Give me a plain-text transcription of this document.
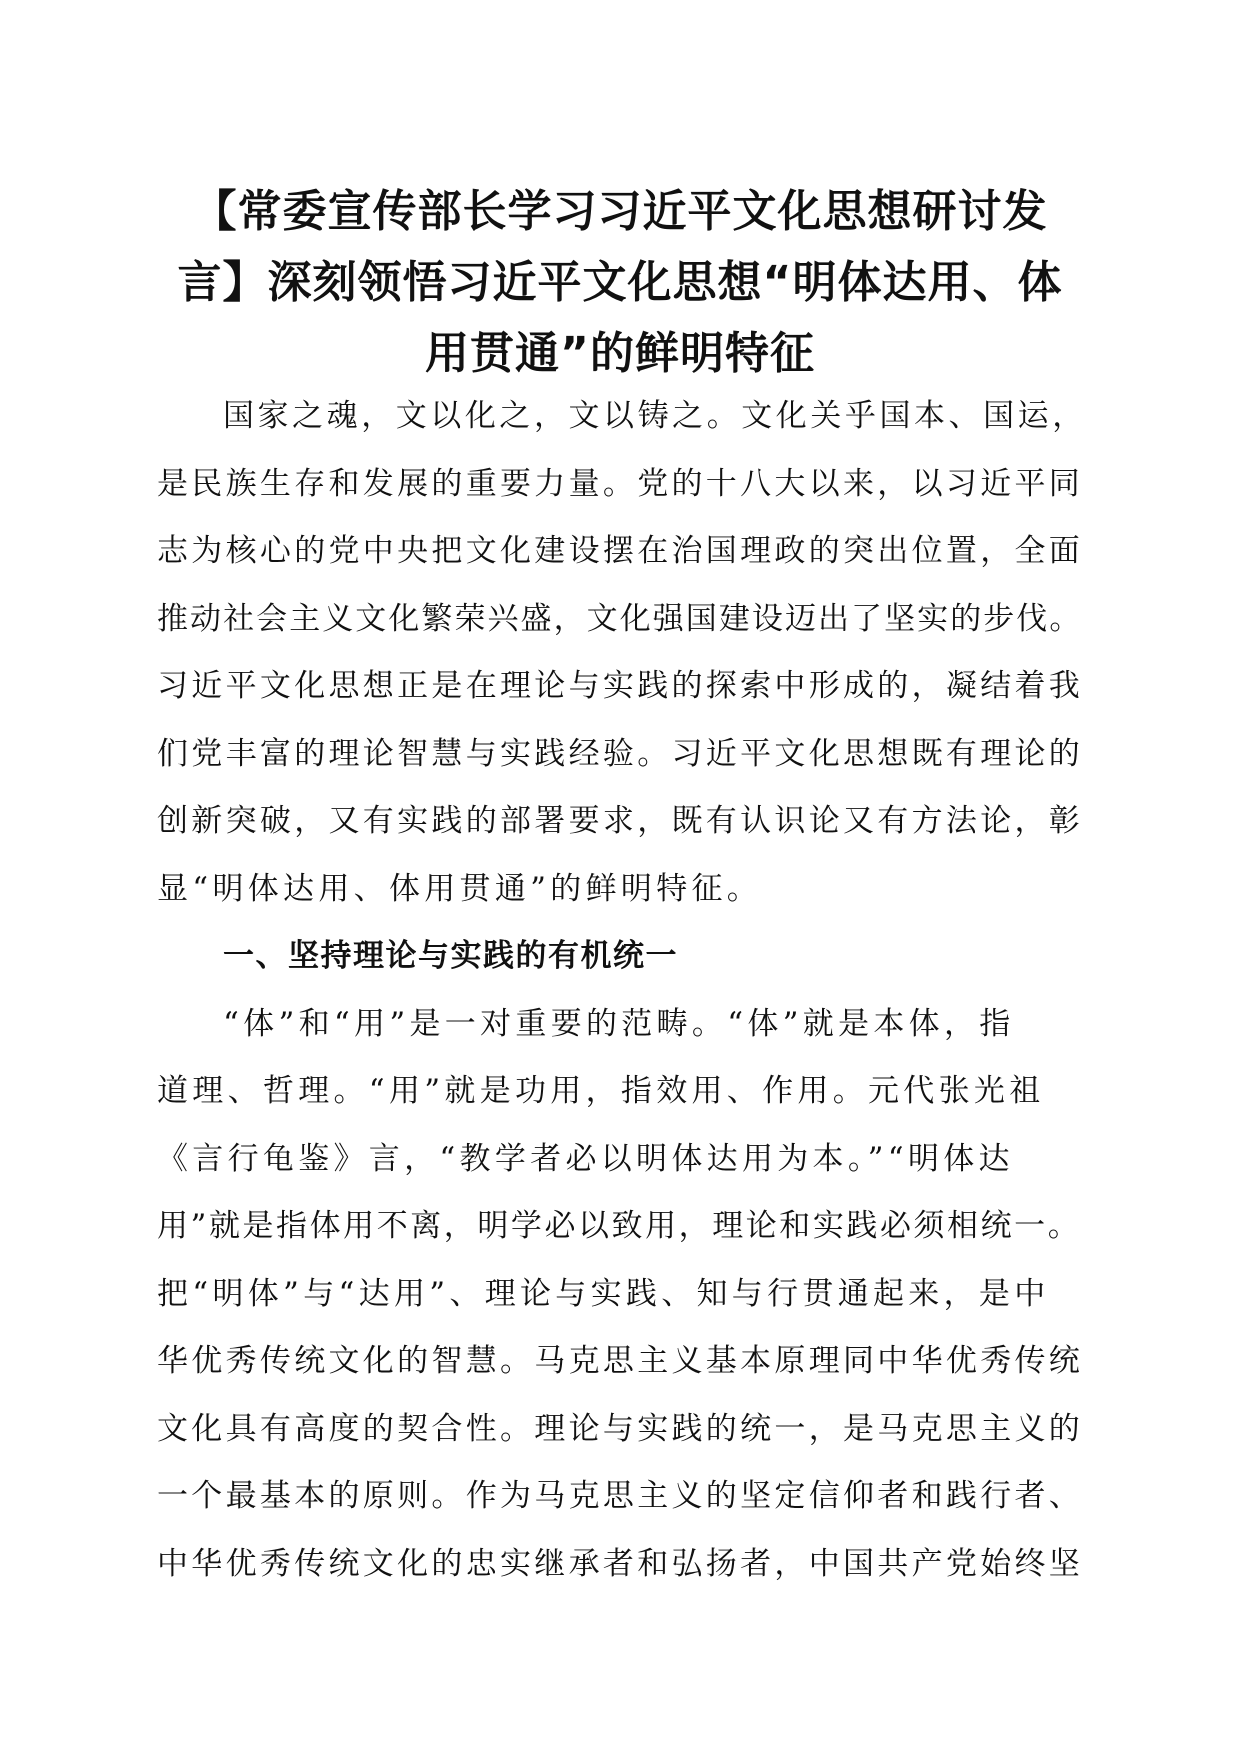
【常委宣传部长学习习近平文化思想研讨发
言】深刻领悟习近平文化思想“明体达用、体
用贯通”的鲜明特征
国家之魂，文以化之，文以铸之。文化关乎国本、国运，
是民族生存和发展的重要力量。党的十八大以来，以习近平同
志为核心的党中央把文化建设摆在治国理政的突出位置，全面
推动社会主义文化繁荣兴盛，文化强国建设迈出了坚实的步伐。
习近平文化思想正是在理论与实践的探索中形成的，凝结着我
们党丰富的理论智慧与实践经验。习近平文化思想既有理论的
创新突破，又有实践的部署要求，既有认识论又有方法论，彰
显“明体达用、体用贯通”的鲜明特征。
一、坚持理论与实践的有机统一
“体”和“用”是一对重要的范畴。“体”就是本体，指
道理、哲理。“用”就是功用，指效用、作用。元代张光祖
《言行龟鉴》言，“教学者必以明体达用为本。”“明体达
用”就是指体用不离，明学必以致用，理论和实践必须相统一。
把“明体”与“达用”、理论与实践、知与行贯通起来，是中
华优秀传统文化的智慧。马克思主义基本原理同中华优秀传统
文化具有高度的契合性。理论与实践的统一，是马克思主义的
一个最基本的原则。作为马克思主义的坚定信仰者和践行者、
中华优秀传统文化的忠实继承者和弘扬者，中国共产党始终坚
